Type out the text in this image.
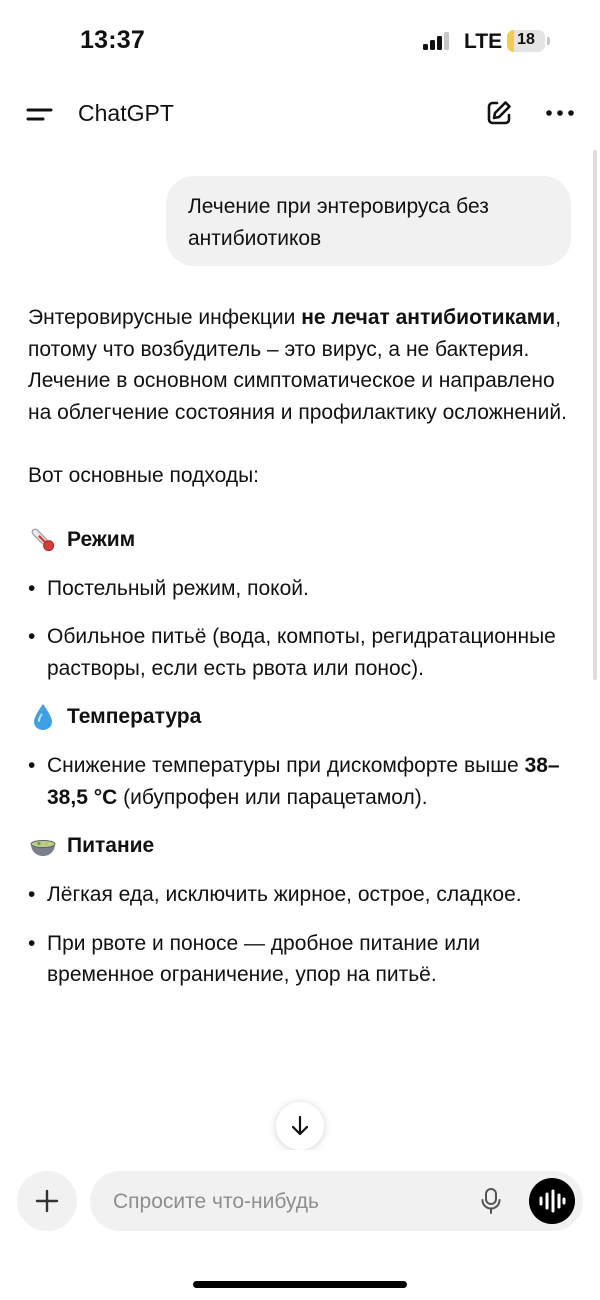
13:37	LTE 18
ChatGPT
Лечение при энтеровируса без антибиотиков

Энтеровирусные инфекции не лечат антибиотиками, потому что возбудитель – это вирус, а не бактерия. Лечение в основном симптоматическое и направлено на облегчение состояния и профилактику осложнений.

Вот основные подходы:

Режим
• Постельный режим, покой.
• Обильное питьё (вода, компоты, регидратационные растворы, если есть рвота или понос).
Температура
• Снижение температуры при дискомфорте выше 38–38,5 °C (ибупрофен или парацетамол).
Питание
• Лёгкая еда, исключить жирное, острое, сладкое.
• При рвоте и поносе — дробное питание или временное ограничение, упор на питьё.
Спросите что-нибудь
